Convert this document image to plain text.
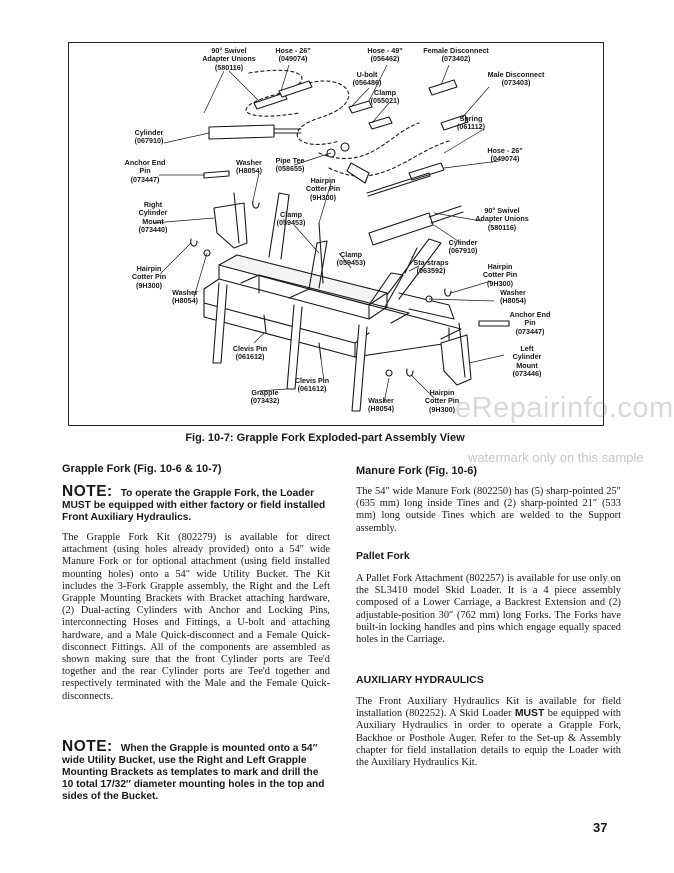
90° Swivel
Adapter Unions
(580116)
Hose - 26"
(049074)
Hose - 49"
(056462)
Female Disconnect
(073402)
Male Disconnect
(073403)
U-bolt
(056486)
Clamp
(055021)
Spring
(061112)
Cylinder
(067910)
Hose - 26"
(049074)
Anchor End
Pin
(073447)
Washer
(H8054)
Pipe Tee
(058655)
Hairpin
Cotter Pin
(9H300)
Right
Cylinder
Mount
(073440)
Clamp
(059453)
90° Swivel
Adapter Unions
(580116)
Cylinder
(067910)
Clamp
(059453)	Sta-straps
(063592)
Hairpin
Cotter Pin
(9H300)
Hairpin
Cotter Pin
(9H300)
Washer
(H8054)
Washer
(H8054)
Anchor End
Pin
(073447)
Clevis Pin
(061612)
Left
Cylinder
Mount
(073446)
Clevis Pin
(061612)
Grapple
(073432)	Washer
(H8054)
Hairpin
Cotter Pin
(9H300) eRepairinfo.com
watermark only on this sample
Fig. 10-7: Grapple Fork Exploded-part Assembly View
Grapple Fork (Fig. 10-6 & 10-7)

NOTE: To operate the Grapple Fork, the Loader MUST be equipped with either factory or field installed Front Auxiliary Hydraulics.

The Grapple Fork Kit (802279) is available for direct attachment (using holes already provided) onto a 54″ wide Manure Fork or for optional attachment (using field installed mounting holes) onto a 54″ wide Utility Bucket. The Kit includes the 3-Fork Grapple assembly, the Right and the Left Grapple Mounting Brackets with Bracket attaching hardware, (2) Dual-acting Cylinders with Anchor and Locking Pins, interconnecting Hoses and Fittings, a U-bolt and attaching hardware, and a Male Quick-disconnect and a Female Quick-disconnect Fittings. All of the components are assembled as shown making sure that the front Cylinder ports are Tee'd together and the rear Cylinder ports are Tee'd together and respectively terminated with the Male and the Female Quick-disconnects.

NOTE: When the Grapple is mounted onto a 54″ wide Utility Bucket, use the Right and Left Grapple Mounting Brackets as templates to mark and drill the 10 total 17/32″ diameter mounting holes in the top and sides of the Bucket.

Manure Fork (Fig. 10-6)

The 54″ wide Manure Fork (802250) has (5) sharp-pointed 25″ (635 mm) long inside Tines and (2) sharp-pointed 21″ (533 mm) long outside Tines which are welded to the Support assembly.

Pallet Fork

A Pallet Fork Attachment (802257) is available for use only on the SL3410 model Skid Loader. It is a 4 piece assembly composed of a Lower Carriage, a Backrest Extension and (2) adjustable-position 30″ (762 mm) long Forks. The Forks have built-in locking handles and pins which engage equally spaced holes in the Carriage.

AUXILIARY HYDRAULICS

The Front Auxiliary Hydraulics Kit is available for field installation (802252). A Skid Loader MUST be equipped with Auxiliary Hydraulics in order to operate a Grapple Fork, Backhoe or Posthole Auger. Refer to the Set-up & Assembly chapter for field installation details to equip the Loader with the Auxiliary Hydraulics Kit.

37
